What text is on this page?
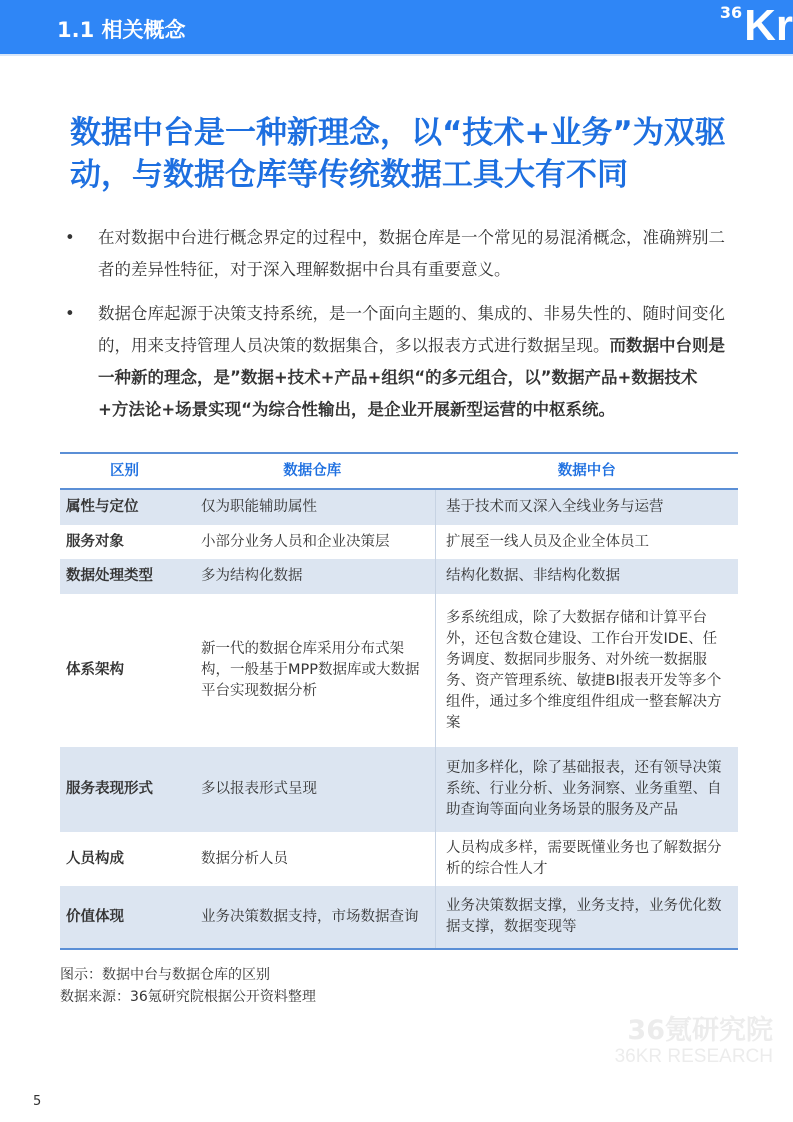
1.1 相关概念
36 Kr
数据中台是一种新理念，以“技术+业务”为双驱动，与数据仓库等传统数据工具大有不同
• 在对数据中台进行概念界定的过程中，数据仓库是一个常见的易混淆概念，准确辨别二者的差异性特征，对于深入理解数据中台具有重要意义。
• 数据仓库起源于决策支持系统，是一个面向主题的、集成的、非易失性的、随时间变化的，用来支持管理人员决策的数据集合，多以报表方式进行数据呈现。而数据中台则是一种新的理念，是”数据+技术+产品+组织“的多元组合，以”数据产品+数据技术+方法论+场景实现“为综合性输出，是企业开展新型运营的中枢系统。
区别	数据仓库	数据中台
属性与定位	仅为职能辅助属性	基于技术而又深入全线业务与运营
服务对象	小部分业务人员和企业决策层	扩展至一线人员及企业全体员工
数据处理类型	多为结构化数据	结构化数据、非结构化数据
体系架构	新一代的数据仓库采用分布式架构，一般基于MPP数据库或大数据平台实现数据分析	多系统组成，除了大数据存储和计算平台外，还包含数仓建设、工作台开发IDE、任务调度、数据同步服务、对外统一数据服务、资产管理系统、敏捷BI报表开发等多个组件，通过多个维度组件组成一整套解决方案
服务表现形式	多以报表形式呈现	更加多样化，除了基础报表，还有领导决策系统、行业分析、业务洞察、业务重塑、自助查询等面向业务场景的服务及产品
人员构成	数据分析人员	人员构成多样，需要既懂业务也了解数据分析的综合性人才
价值体现	业务决策数据支持，市场数据查询	业务决策数据支撑，业务支持，业务优化数据支撑，数据变现等
图示：数据中台与数据仓库的区别
数据来源：36氪研究院根据公开资料整理
36氪研究院
36KR RESEARCH
5
